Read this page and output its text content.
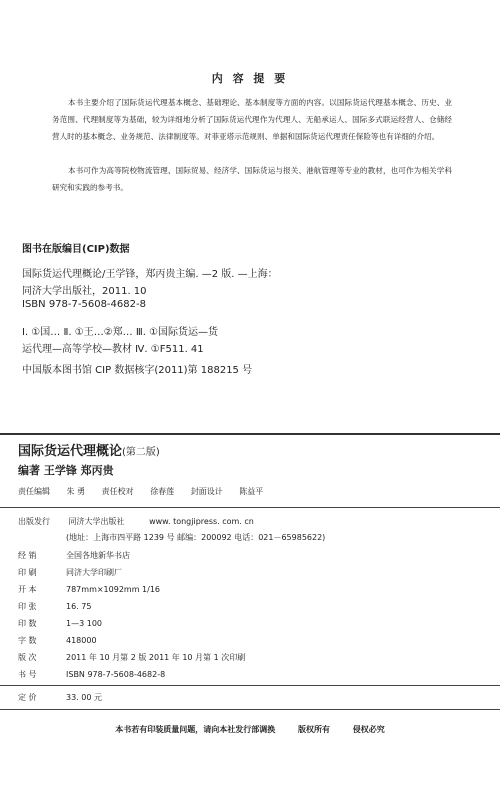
内 容 提 要
本书主要介绍了国际货运代理基本概念、基础理论、基本制度等方面的内容。以国际货运代理基本概念、历史、业务范围、代理制度等为基础，较为详细地分析了国际货运代理作为代理人、无船承运人、国际多式联运经营人、仓储经营人时的基本概念、业务规范、法律制度等。对菲亚塔示范规则、单据和国际货运代理责任保险等也有详细的介绍。
本书可作为高等院校物流管理、国际贸易、经济学、国际货运与报关、港航管理等专业的教材，也可作为相关学科研究和实践的参考书。
图书在版编目(CIP)数据
国际货运代理概论/王学锋，郑丙贵主编. —2 版. —上海：
同济大学出版社，2011. 10
ISBN 978-7-5608-4682-8
Ⅰ. ①国… Ⅱ. ①王…②郑… Ⅲ. ①国际货运—货
运代理—高等学校—教材 Ⅳ. ①F511. 41
中国版本图书馆 CIP 数据核字(2011)第 188215 号
国际货运代理概论(第二版)
编著 王学锋 郑丙贵
责任编辑 朱 勇 责任校对 徐春莲 封面设计 陈益平
出版发行 同济大学出版社	www. tongjipress. com. cn
(地址：上海市四平路 1239 号 邮编：200092 电话：021－65985622)
经 销	全国各地新华书店
印 刷	同济大学印刷厂
开 本	787mm×1092mm 1/16
印 张	16. 75
印 数	1—3 100
字 数	418000
版 次	2011 年 10 月第 2 版 2011 年 10 月第 1 次印刷
书 号	ISBN 978-7-5608-4682-8
定 价	33. 00 元
本书若有印装质量问题，请向本社发行部调换	版权所有	侵权必究
